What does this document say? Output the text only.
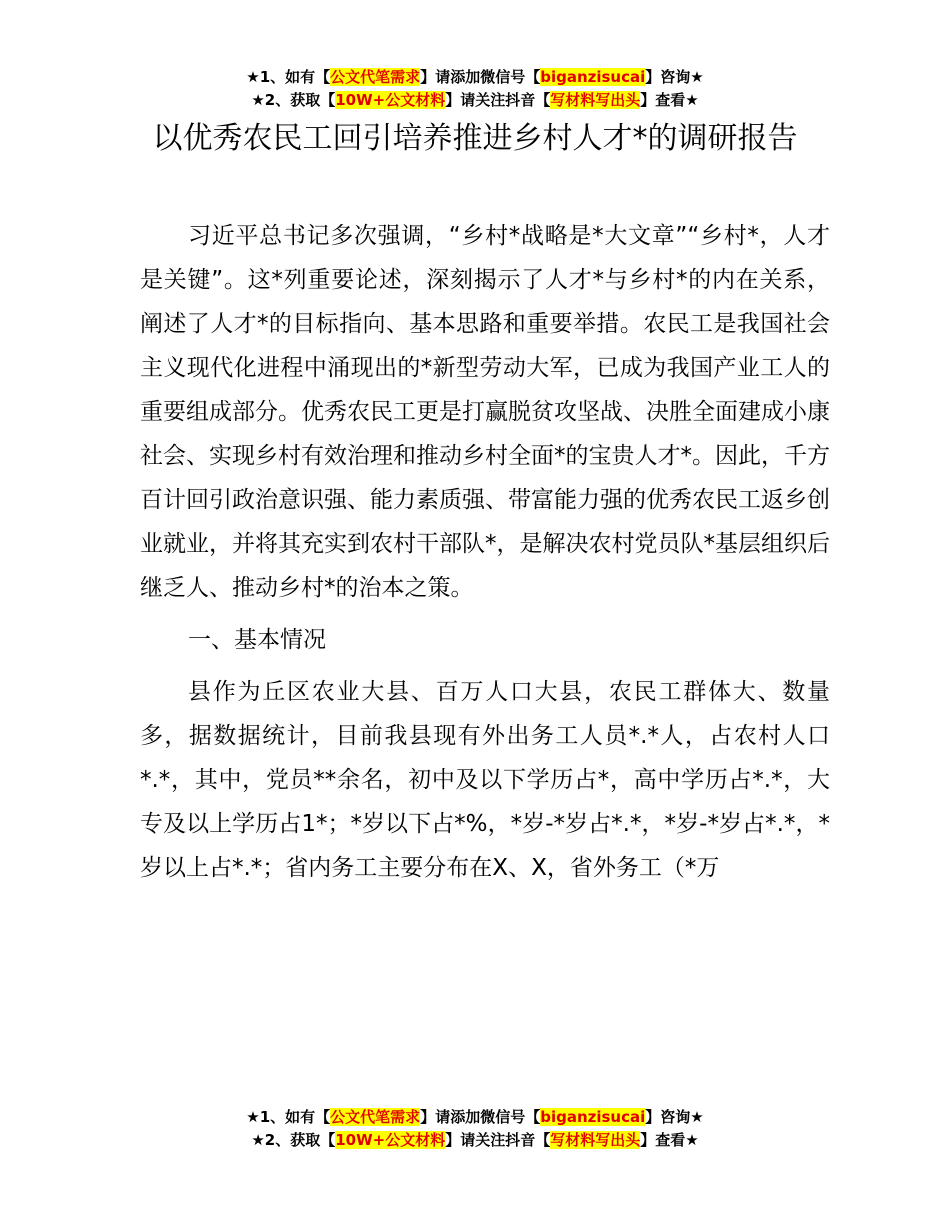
★1、如有【公文代笔需求】请添加微信号【biganzisucai】咨询★
★2、获取【10W+公文材料】请关注抖音【写材料写出头】查看★
以优秀农民工回引培养推进乡村人才*的调研报告

习近平总书记多次强调，“乡村*战略是*大文章”“乡村*，人才是关键”。这*列重要论述，深刻揭示了人才*与乡村*的内在关系，阐述了人才*的目标指向、基本思路和重要举措。农民工是我国社会主义现代化进程中涌现出的*新型劳动大军，已成为我国产业工人的重要组成部分。优秀农民工更是打赢脱贫攻坚战、决胜全面建成小康社会、实现乡村有效治理和推动乡村全面*的宝贵人才*。因此，千方百计回引政治意识强、能力素质强、带富能力强的优秀农民工返乡创业就业，并将其充实到农村干部队*，是解决农村党员队*基层组织后继乏人、推动乡村*的治本之策。

一、基本情况

县作为丘区农业大县、百万人口大县，农民工群体大、数量多，据数据统计，目前我县现有外出务工人员*.*人，占农村人口*.*，其中，党员**余名，初中及以下学历占*，高中学历占*.*，大专及以上学历占1*；*岁以下占*%，*岁-*岁占*.*，*岁-*岁占*.*，*岁以上占*.*；省内务工主要分布在X、X，省外务工（*万

★1、如有【公文代笔需求】请添加微信号【biganzisucai】咨询★
★2、获取【10W+公文材料】请关注抖音【写材料写出头】查看★
